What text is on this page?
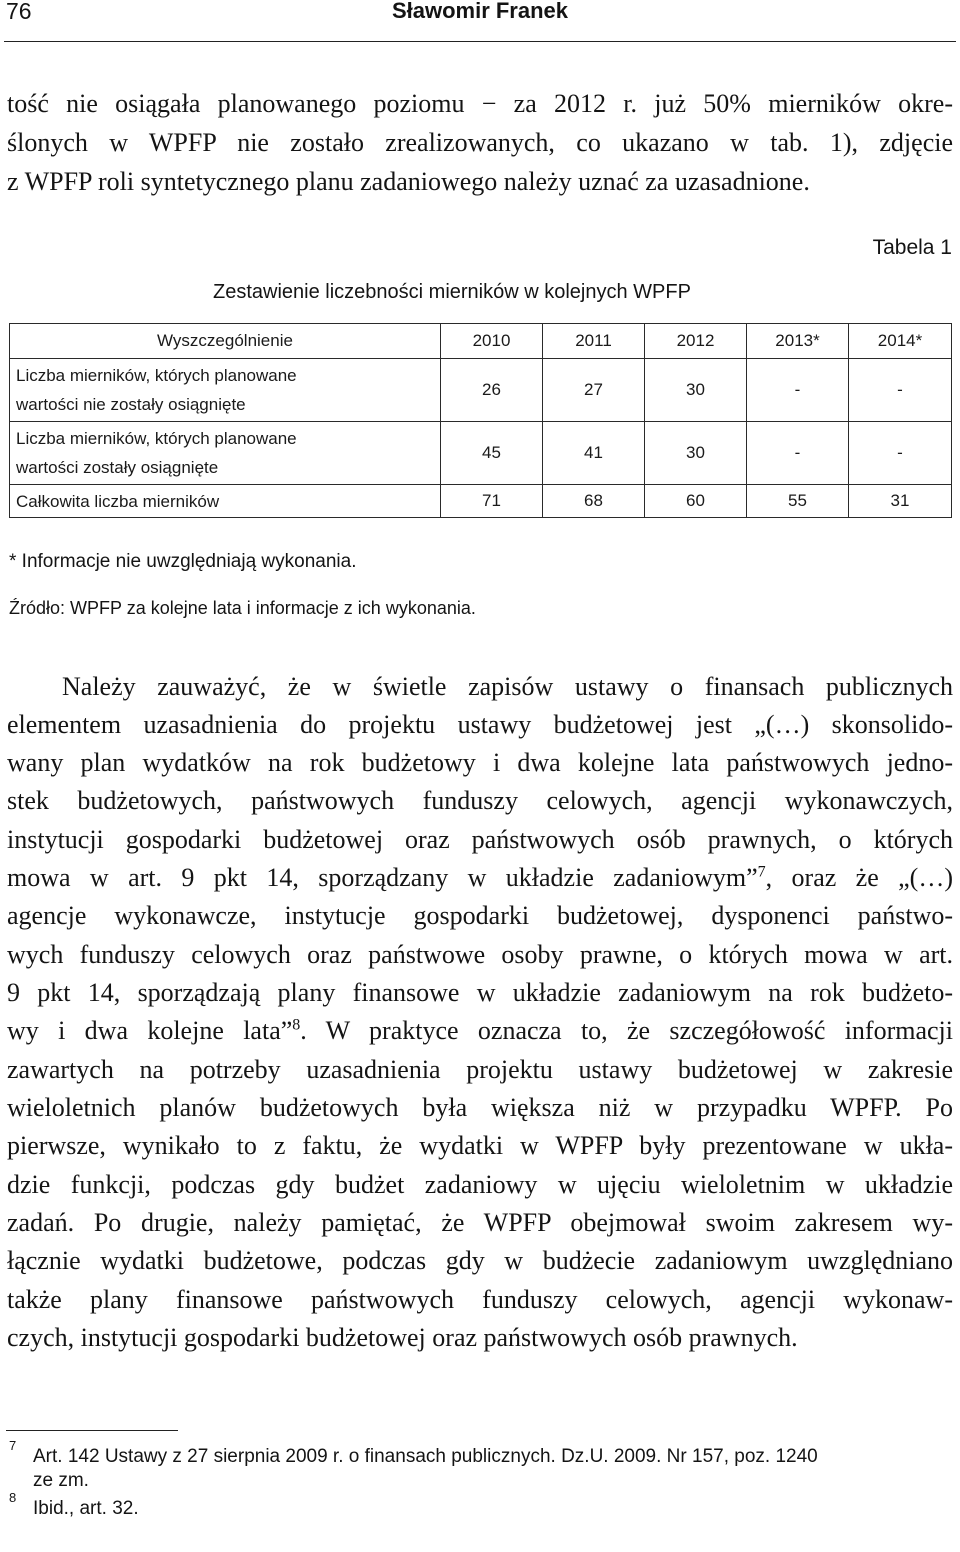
76	Sławomir Franek
tość nie osiągała planowanego poziomu − za 2012 r. już 50% mierników okre-
ślonych w WPFP nie zostało zrealizowanych, co ukazano w tab. 1), zdjęcie
z WPFP roli syntetycznego planu zadaniowego należy uznać za uzasadnione.
Tabela 1
Zestawienie liczebności mierników w kolejnych WPFP
Wyszczególnienie	2010	2011	2012	2013*	2014*

Liczba mierników, których planowane
wartości nie zostały osiągnięte	26	27	30	-	-

Liczba mierników, których planowane
wartości zostały osiągnięte	45	41	30	-	-
Całkowita liczba mierników	71	68	60	55	31
* Informacje nie uwzględniają wykonania.
Źródło: WPFP za kolejne lata i informacje z ich wykonania.
Należy zauważyć, że w świetle zapisów ustawy o finansach publicznych
elementem uzasadnienia do projektu ustawy budżetowej jest „(…) skonsolido-
wany plan wydatków na rok budżetowy i dwa kolejne lata państwowych jedno-
stek budżetowych, państwowych funduszy celowych, agencji wykonawczych,
instytucji gospodarki budżetowej oraz państwowych osób prawnych, o których
mowa w art. 9 pkt 14, sporządzany w układzie zadaniowym”$^7$, oraz że „(…)
agencje wykonawcze, instytucje gospodarki budżetowej, dysponenci państwo-
wych funduszy celowych oraz państwowe osoby prawne, o których mowa w art.
9 pkt 14, sporządzają plany finansowe w układzie zadaniowym na rok budżeto-
wy i dwa kolejne lata”$^8$. W praktyce oznacza to, że szczegółowość informacji
zawartych na potrzeby uzasadnienia projektu ustawy budżetowej w zakresie
wieloletnich planów budżetowych była większa niż w przypadku WPFP. Po
pierwsze, wynikało to z faktu, że wydatki w WPFP były prezentowane w ukła-
dzie funkcji, podczas gdy budżet zadaniowy w ujęciu wieloletnim w układzie
zadań. Po drugie, należy pamiętać, że WPFP obejmował swoim zakresem wy-
łącznie wydatki budżetowe, podczas gdy w budżecie zadaniowym uwzględniano
także plany finansowe państwowych funduszy celowych, agencji wykonaw-
czych, instytucji gospodarki budżetowej oraz państwowych osób prawnych.
7
Art. 142 Ustawy z 27 sierpnia 2009 r. o finansach publicznych. Dz.U. 2009. Nr 157, poz. 1240
ze zm.
8
Ibid., art. 32.
